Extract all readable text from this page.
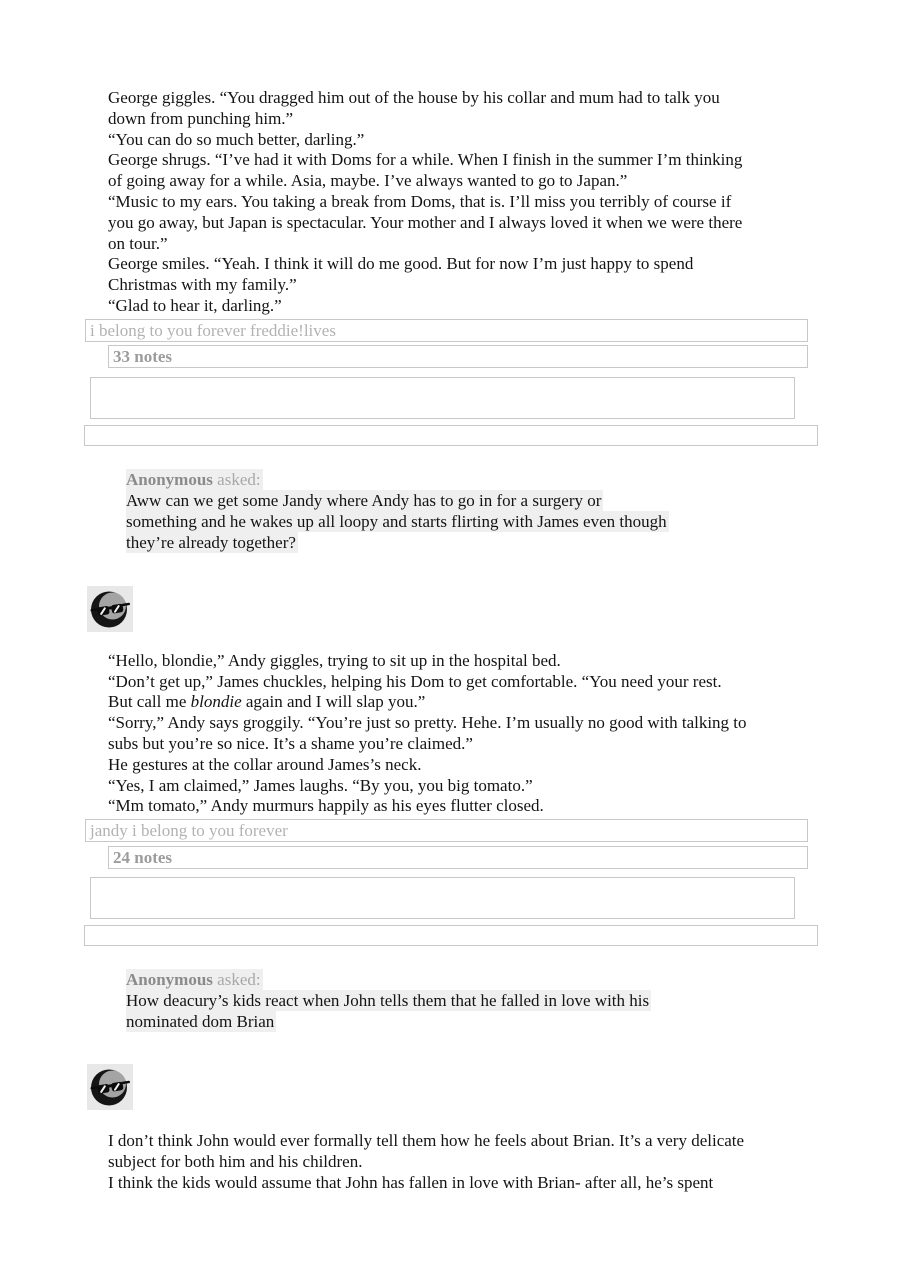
George giggles. “You dragged him out of the house by his collar and mum had to talk you
down from punching him.”
“You can do so much better, darling.”
George shrugs. “I’ve had it with Doms for a while. When I finish in the summer I’m thinking
of going away for a while. Asia, maybe. I’ve always wanted to go to Japan.”
“Music to my ears. You taking a break from Doms, that is. I’ll miss you terribly of course if
you go away, but Japan is spectacular. Your mother and I always loved it when we were there
on tour.”
George smiles. “Yeah. I think it will do me good. But for now I’m just happy to spend
Christmas with my family.”
“Glad to hear it, darling.”
i belong to you forever freddie!lives
33 notes
Anonymous asked:
Aww can we get some Jandy where Andy has to go in for a surgery or
something and he wakes up all loopy and starts flirting with James even though
they’re already together?
“Hello, blondie,” Andy giggles, trying to sit up in the hospital bed.
“Don’t get up,” James chuckles, helping his Dom to get comfortable. “You need your rest.
But call me blondie again and I will slap you.”
“Sorry,” Andy says groggily. “You’re just so pretty. Hehe. I’m usually no good with talking to
subs but you’re so nice. It’s a shame you’re claimed.”
He gestures at the collar around James’s neck.
“Yes, I am claimed,” James laughs. “By you, you big tomato.”
“Mm tomato,” Andy murmurs happily as his eyes flutter closed.
jandy i belong to you forever
24 notes
Anonymous asked:
How deacury’s kids react when John tells them that he falled in love with his
nominated dom Brian
I don’t think John would ever formally tell them how he feels about Brian. It’s a very delicate
subject for both him and his children.
I think the kids would assume that John has fallen in love with Brian- after all, he’s spent
